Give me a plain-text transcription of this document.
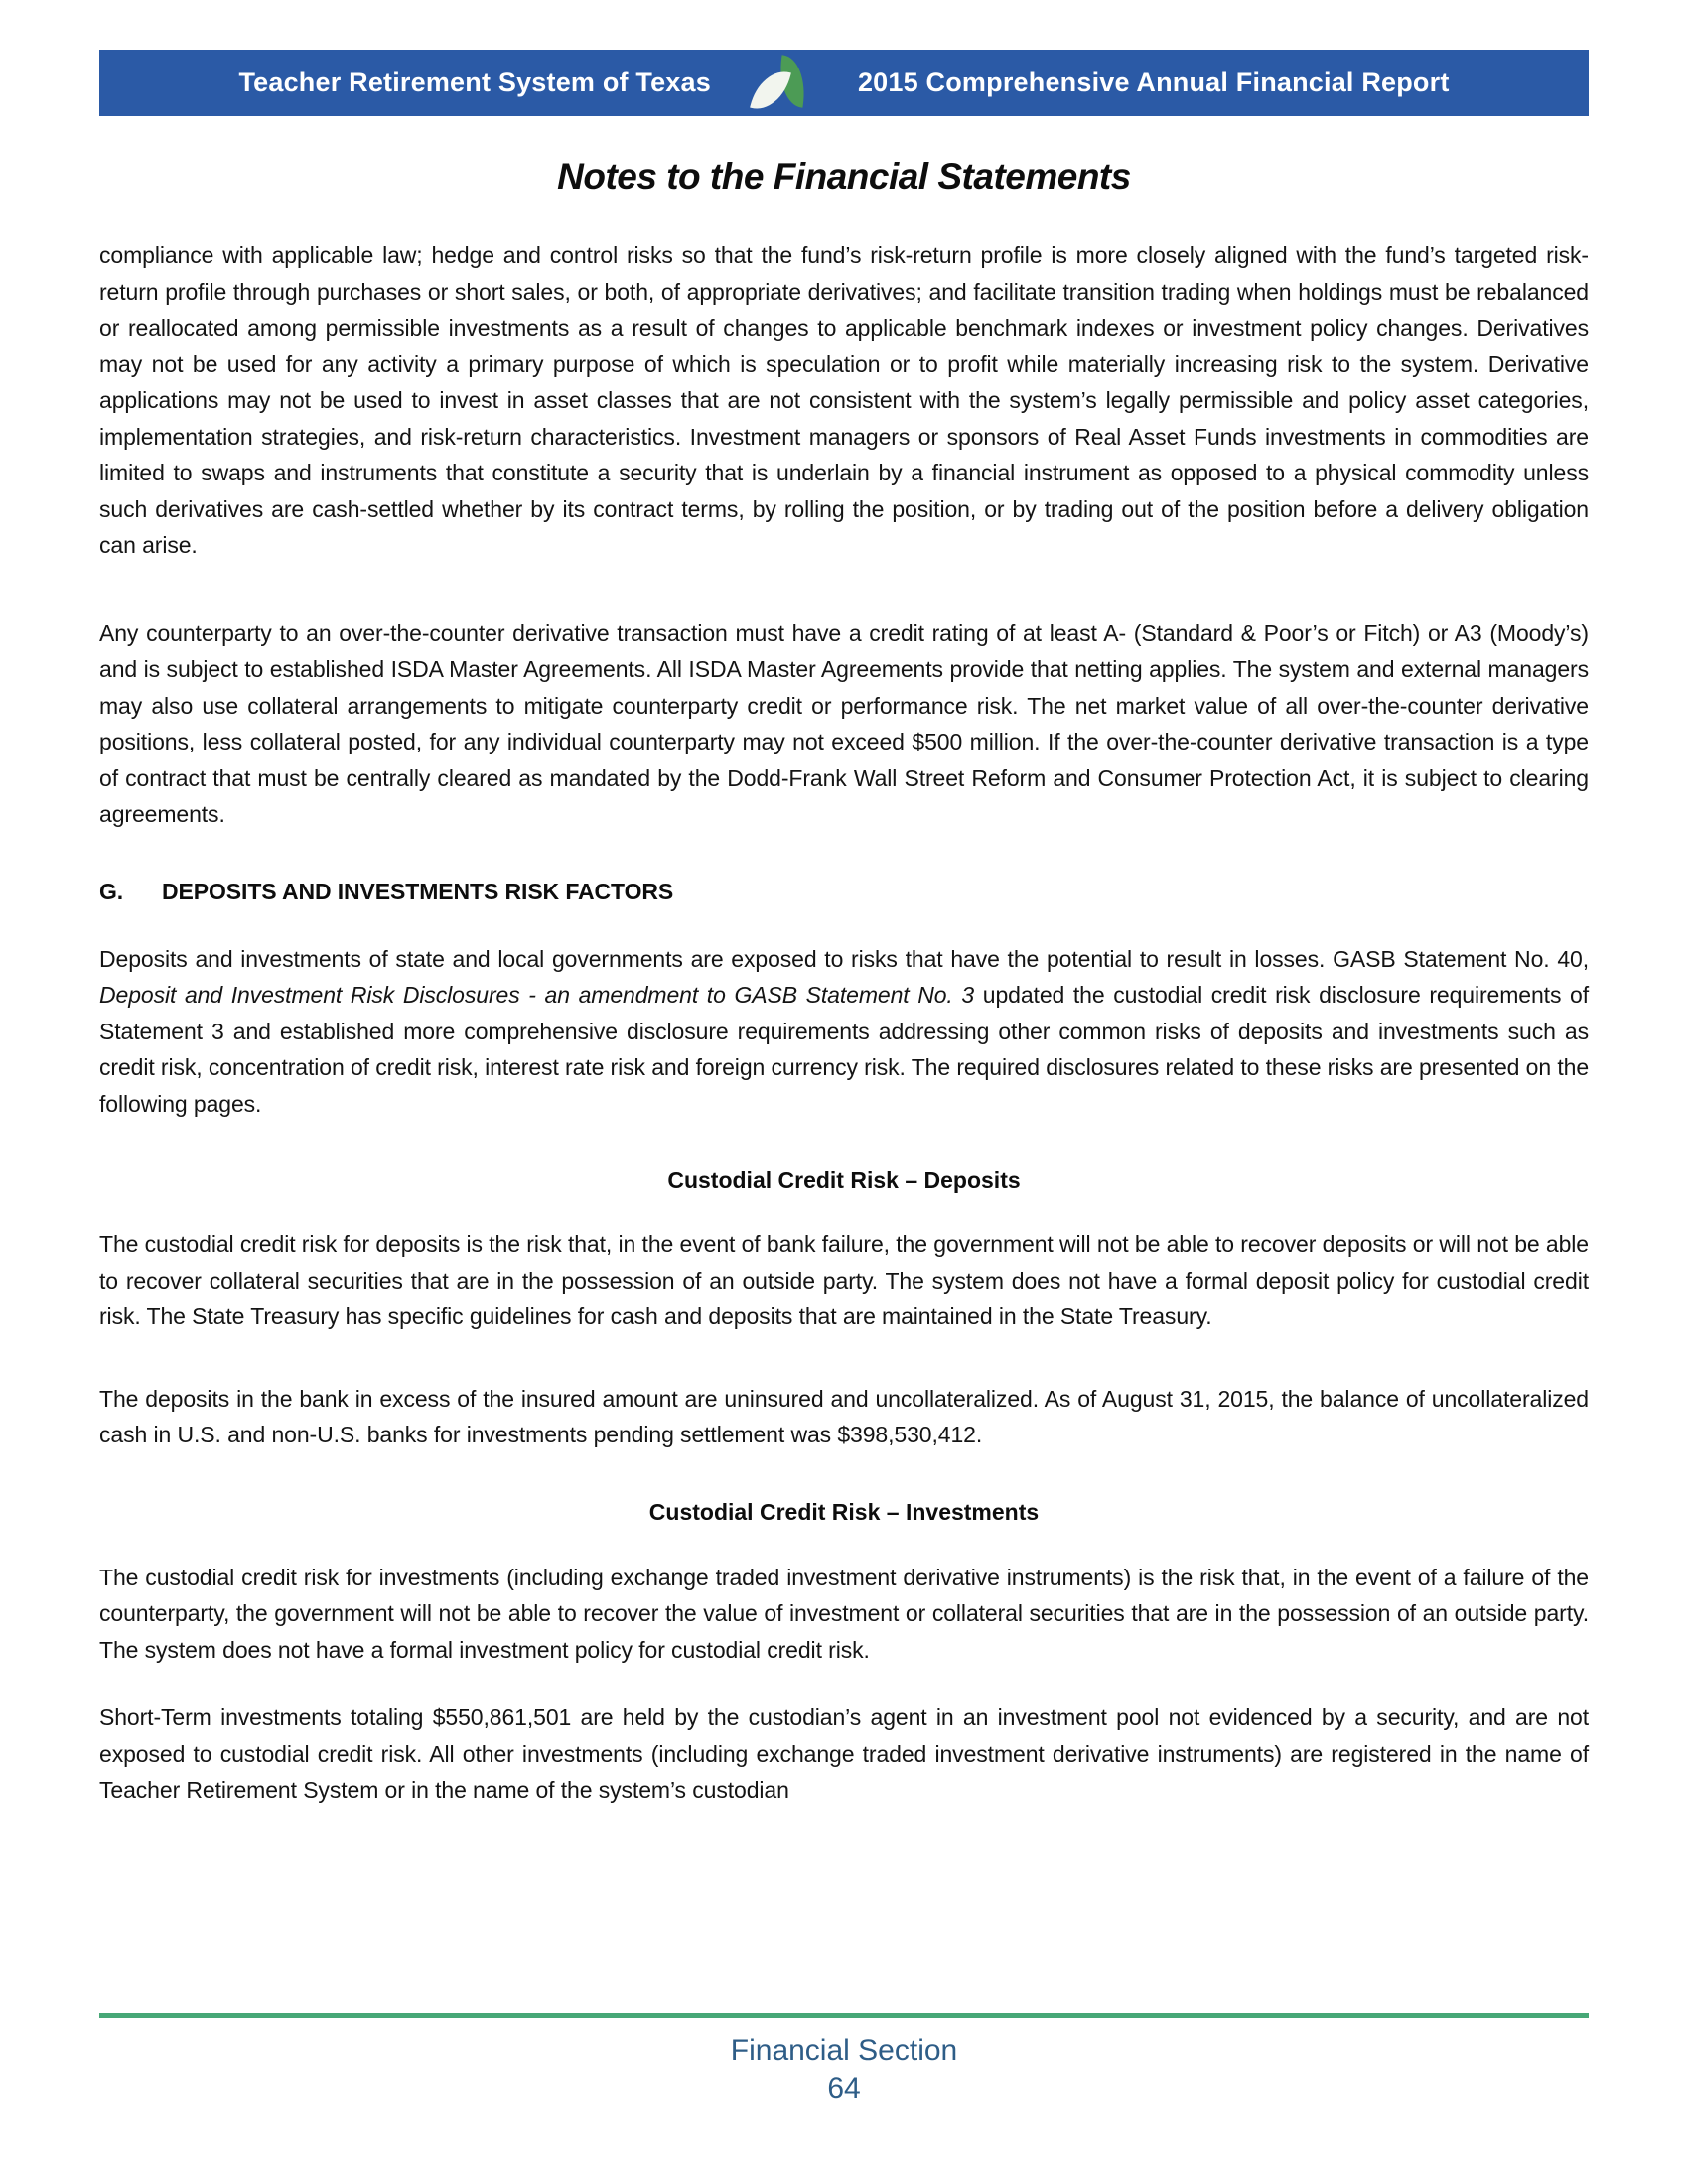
Teacher Retirement System of Texas	2015 Comprehensive Annual Financial Report
Notes to the Financial Statements

compliance with applicable law; hedge and control risks so that the fund’s risk-return profile is more closely aligned with the fund’s targeted risk-return profile through purchases or short sales, or both, of appropriate derivatives; and facilitate transition trading when holdings must be rebalanced or reallocated among permissible investments as a result of changes to applicable benchmark indexes or investment policy changes. Derivatives may not be used for any activity a primary purpose of which is speculation or to profit while materially increasing risk to the system. Derivative applications may not be used to invest in asset classes that are not consistent with the system’s legally permissible and policy asset categories, implementation strategies, and risk-return characteristics. Investment managers or sponsors of Real Asset Funds investments in commodities are limited to swaps and instruments that constitute a security that is underlain by a financial instrument as opposed to a physical commodity unless such derivatives are cash-settled whether by its contract terms, by rolling the position, or by trading out of the position before a delivery obligation can arise.

Any counterparty to an over-the-counter derivative transaction must have a credit rating of at least A- (Standard & Poor’s or Fitch) or A3 (Moody’s) and is subject to established ISDA Master Agreements. All ISDA Master Agreements provide that netting applies. The system and external managers may also use collateral arrangements to mitigate counterparty credit or performance risk. The net market value of all over-the-counter derivative positions, less collateral posted, for any individual counterparty may not exceed $500 million. If the over-the-counter derivative transaction is a type of contract that must be centrally cleared as mandated by the Dodd-Frank Wall Street Reform and Consumer Protection Act, it is subject to clearing agreements.

G. DEPOSITS AND INVESTMENTS RISK FACTORS

Deposits and investments of state and local governments are exposed to risks that have the potential to result in losses. GASB Statement No. 40, Deposit and Investment Risk Disclosures - an amendment to GASB Statement No. 3 updated the custodial credit risk disclosure requirements of Statement 3 and established more comprehensive disclosure requirements addressing other common risks of deposits and investments such as credit risk, concentration of credit risk, interest rate risk and foreign currency risk. The required disclosures related to these risks are presented on the following pages.

Custodial Credit Risk – Deposits

The custodial credit risk for deposits is the risk that, in the event of bank failure, the government will not be able to recover deposits or will not be able to recover collateral securities that are in the possession of an outside party. The system does not have a formal deposit policy for custodial credit risk. The State Treasury has specific guidelines for cash and deposits that are maintained in the State Treasury.

The deposits in the bank in excess of the insured amount are uninsured and uncollateralized. As of August 31, 2015, the balance of uncollateralized cash in U.S. and non-U.S. banks for investments pending settlement was $398,530,412.

Custodial Credit Risk – Investments

The custodial credit risk for investments (including exchange traded investment derivative instruments) is the risk that, in the event of a failure of the counterparty, the government will not be able to recover the value of investment or collateral securities that are in the possession of an outside party. The system does not have a formal investment policy for custodial credit risk.

Short-Term investments totaling $550,861,501 are held by the custodian’s agent in an investment pool not evidenced by a security, and are not exposed to custodial credit risk. All other investments (including exchange traded investment derivative instruments) are registered in the name of Teacher Retirement System or in the name of the system’s custodian

Financial Section
64
